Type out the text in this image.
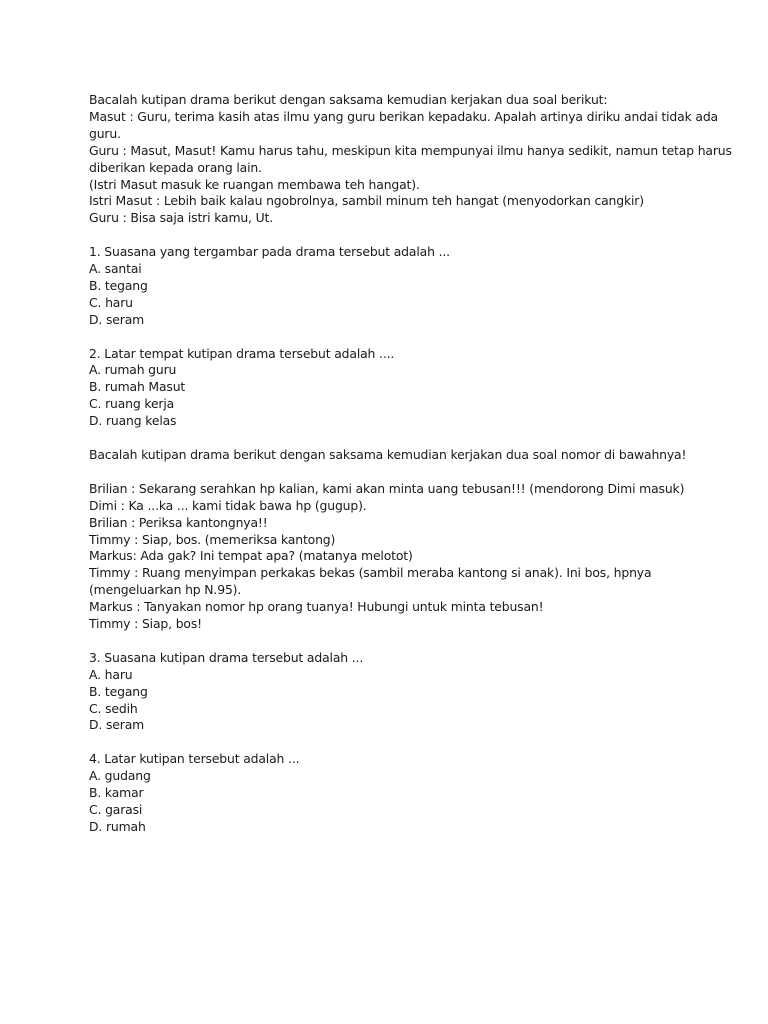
Bacalah kutipan drama berikut dengan saksama kemudian kerjakan dua soal berikut:
Masut : Guru, terima kasih atas ilmu yang guru berikan kepadaku. Apalah artinya diriku andai tidak ada
guru.
Guru : Masut, Masut! Kamu harus tahu, meskipun kita mempunyai ilmu hanya sedikit, namun tetap harus
diberikan kepada orang lain.
(Istri Masut masuk ke ruangan membawa teh hangat).
Istri Masut : Lebih baik kalau ngobrolnya, sambil minum teh hangat (menyodorkan cangkir)
Guru : Bisa saja istri kamu, Ut.
1. Suasana yang tergambar pada drama tersebut adalah ...
A. santai
B. tegang
C. haru
D. seram
2. Latar tempat kutipan drama tersebut adalah ....
A. rumah guru
B. rumah Masut
C. ruang kerja
D. ruang kelas
Bacalah kutipan drama berikut dengan saksama kemudian kerjakan dua soal nomor di bawahnya!
Brilian : Sekarang serahkan hp kalian, kami akan minta uang tebusan!!! (mendorong Dimi masuk)
Dimi : Ka ...ka ... kami tidak bawa hp (gugup).
Brilian : Periksa kantongnya!!
Timmy : Siap, bos. (memeriksa kantong)
Markus: Ada gak? Ini tempat apa? (matanya melotot)
Timmy : Ruang menyimpan perkakas bekas (sambil meraba kantong si anak). Ini bos, hpnya
(mengeluarkan hp N.95).
Markus : Tanyakan nomor hp orang tuanya! Hubungi untuk minta tebusan!
Timmy : Siap, bos!
3. Suasana kutipan drama tersebut adalah ...
A. haru
B. tegang
C. sedih
D. seram
4. Latar kutipan tersebut adalah ...
A. gudang
B. kamar
C. garasi
D. rumah
